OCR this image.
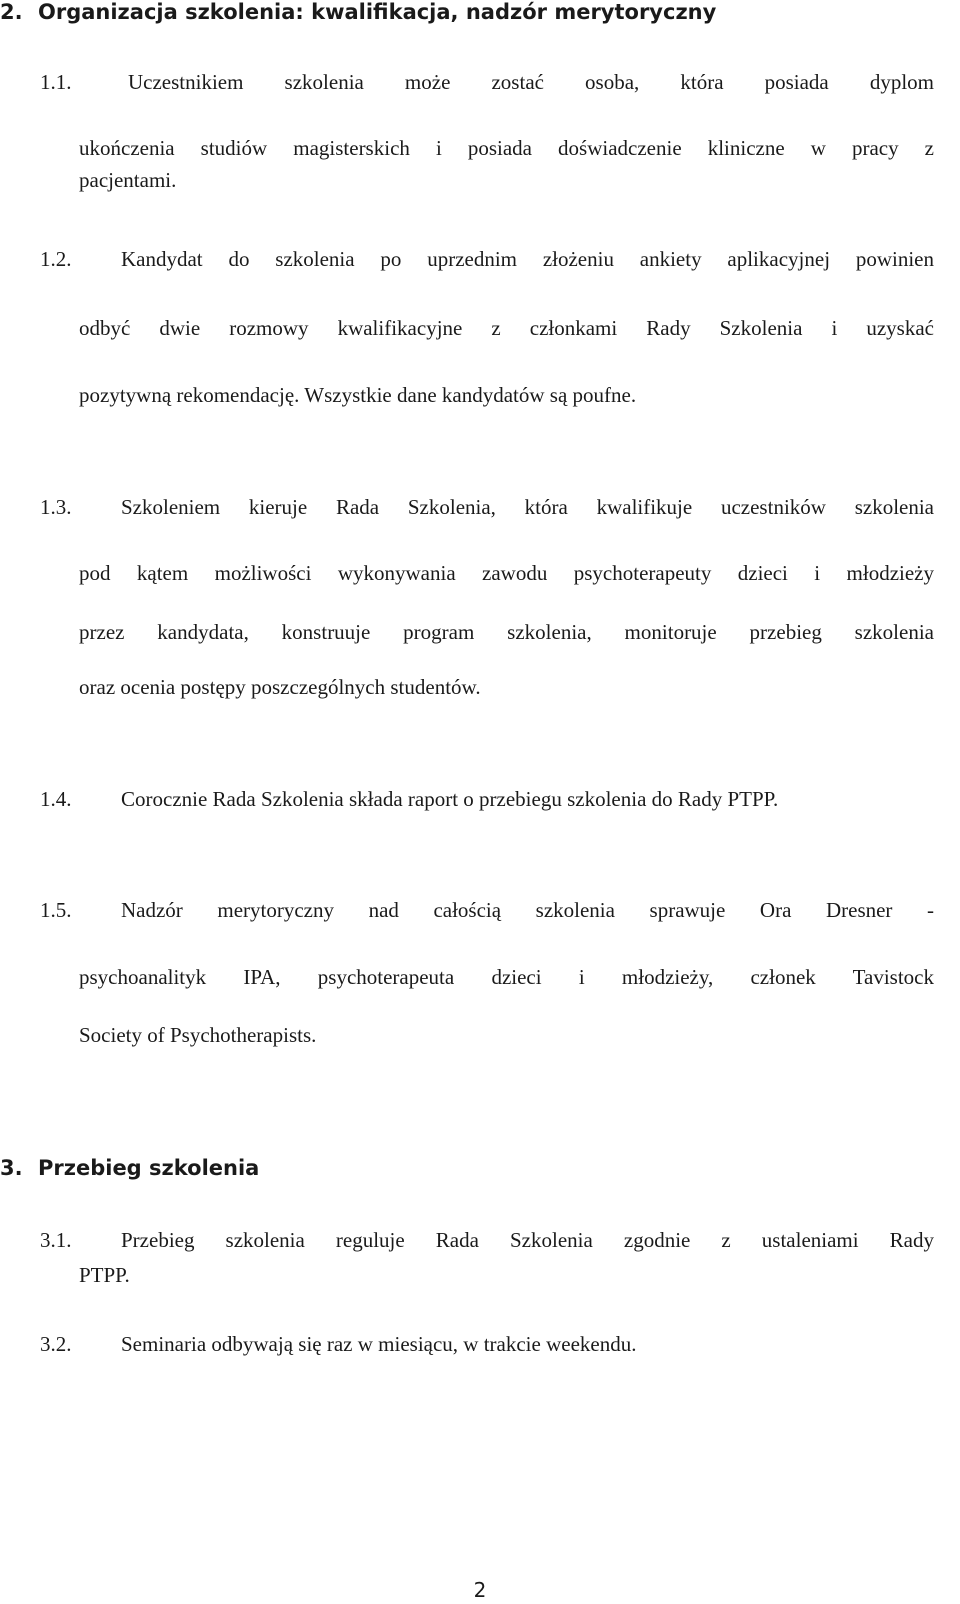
2. Organizacja szkolenia: kwalifikacja, nadzór merytoryczny
1.1.	Uczestnikiem szkolenia może zostać osoba, która posiada dyplom
ukończenia studiów magisterskich i posiada doświadczenie kliniczne w pracy z
pacjentami.
1.2. Kandydat do szkolenia po uprzednim złożeniu ankiety aplikacyjnej powinien
odbyć dwie rozmowy kwalifikacyjne z członkami Rady Szkolenia i uzyskać
pozytywną rekomendację. Wszystkie dane kandydatów są poufne.
1.3. Szkoleniem kieruje Rada Szkolenia, która kwalifikuje uczestników szkolenia
pod kątem możliwości wykonywania zawodu psychoterapeuty dzieci i młodzieży
przez kandydata, konstruuje program szkolenia, monitoruje przebieg szkolenia
oraz ocenia postępy poszczególnych studentów.
1.4. Corocznie Rada Szkolenia składa raport o przebiegu szkolenia do Rady PTPP.
1.5. Nadzór merytoryczny nad całością szkolenia sprawuje Ora Dresner -
psychoanalityk IPA, psychoterapeuta dzieci i młodzieży, członek Tavistock
Society of Psychotherapists.
3. Przebieg szkolenia
3.1. Przebieg szkolenia reguluje Rada Szkolenia zgodnie z ustaleniami Rady
PTPP.
3.2. Seminaria odbywają się raz w miesiącu, w trakcie weekendu.
2
